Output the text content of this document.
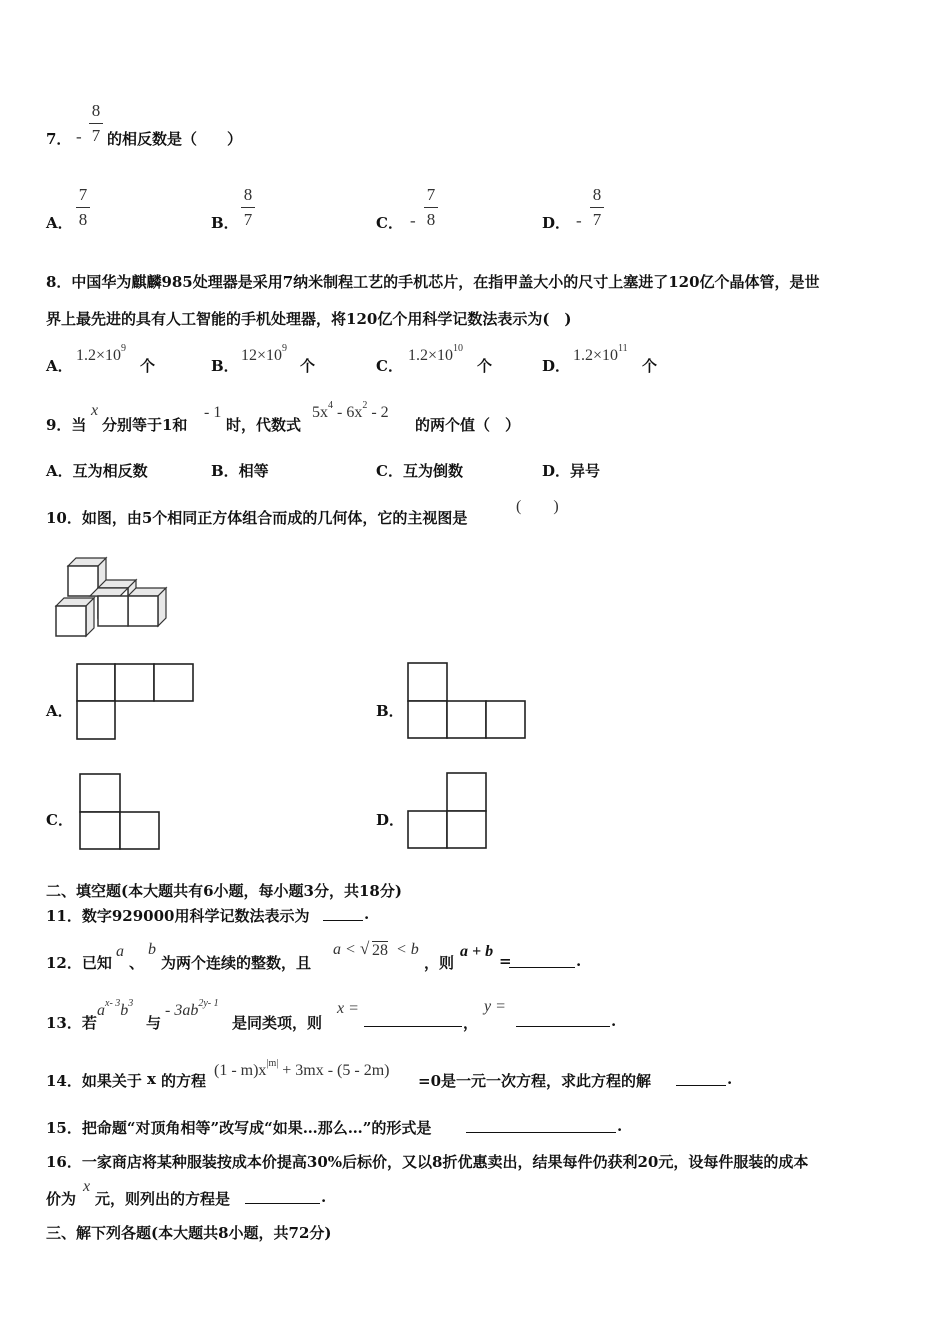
7． -
8
7 的相反数是（　　）
A．
7
8	B．
8
7	C． -
7
8	D． -
8
7
8．中国华为麒麟985处理器是采用7纳米制程工艺的手机芯片，在指甲盖大小的尺寸上塞进了120亿个晶体管，是世
界上最先进的具有人工智能的手机处理器，将120亿个用科学记数法表示为(　)
A．
$1.2\times 10^9$
个	B．
$12\times 10^9$
个	C．
$1.2\times 10^{10}$
个	D．
$1.2\times 10^{11}$
个
9．当
x
分别等于1和
- 1
时，代数式
$5x^4 - 6x^2 - 2$
的两个值（　）
A．互为相反数	B．相等	C．互为倒数	D．异号
10．如图，由5个相同正方体组合而成的几何体，它的主视图是
(　　)
A．	B．
C．	D．
二、填空题(本大题共有6小题，每小题3分，共18分)
11．数字929000用科学记数法表示为	.
12．已知
a
、
b
为两个连续的整数，且
a < √ 28 < b
，则
a + b
=	.
13．若
$a^{x- 3}b^3$
与
- $3ab^{2y- 1}$
是同类项，则
x =
，
y =
.
14．如果关于 x 的方程
$(1 - m)x^{|m|} + 3mx - (5 - 2m)$
=0是一元一次方程，求此方程的解	.
15．把命题“对顶角相等”改写成“如果…那么…”的形式是	.
16．一家商店将某种服装按成本价提高30%后标价，又以8折优惠卖出，结果每件仍获利20元，设每件服装的成本
价为
x
元，则列出的方程是	.
三、解下列各题(本大题共8小题，共72分)
